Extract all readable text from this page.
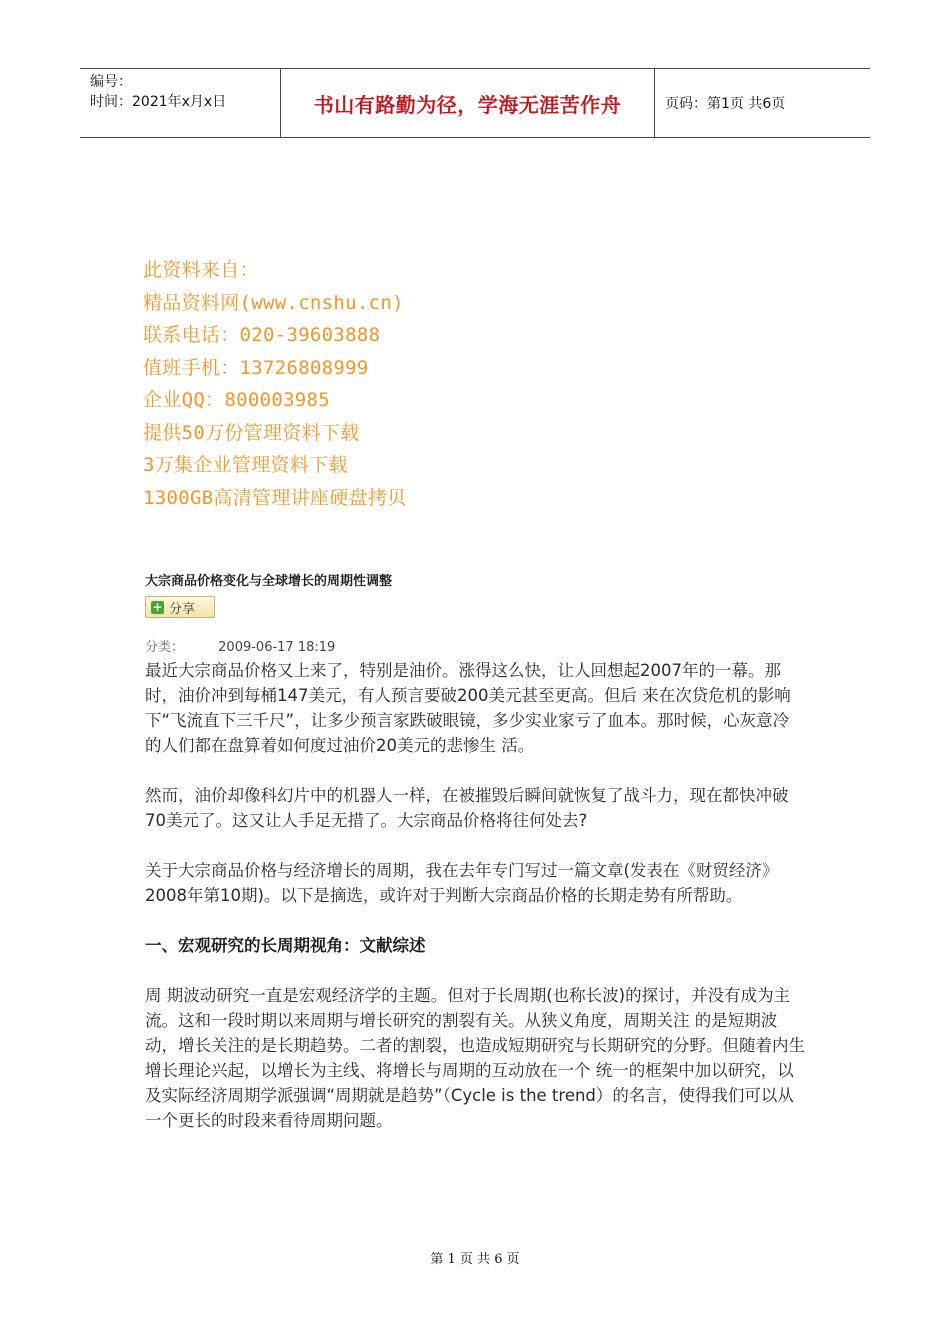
编号：
时间：2021年x月x日	书山有路勤为径，学海无涯苦作舟	页码：第1页 共6页
此资料来自：
精品资料网(www.cnshu.cn)
联系电话：020-39603888
值班手机：13726808999
企业QQ：800003985
提供50万份管理资料下载
3万集企业管理资料下载
1300GB高清管理讲座硬盘拷贝
大宗商品价格变化与全球增长的周期性调整
+ 分享
分类：	2009-06-17 18:19

最近大宗商品价格又上来了，特别是油价。涨得这么快，让人回想起2007年的一幕。那时，油价冲到每桶147美元，有人预言要破200美元甚至更高。但后 来在次贷危机的影响下“飞流直下三千尺”，让多少预言家跌破眼镜，多少实业家亏了血本。那时候，心灰意冷的人们都在盘算着如何度过油价20美元的悲惨生 活。

然而，油价却像科幻片中的机器人一样，在被摧毁后瞬间就恢复了战斗力，现在都快冲破70美元了。这又让人手足无措了。大宗商品价格将往何处去?

关于大宗商品价格与经济增长的周期，我在去年专门写过一篇文章(发表在《财贸经济》2008年第10期)。以下是摘选，或许对于判断大宗商品价格的长期走势有所帮助。

一、宏观研究的长周期视角：文献综述

周 期波动研究一直是宏观经济学的主题。但对于长周期(也称长波)的探讨，并没有成为主流。这和一段时期以来周期与增长研究的割裂有关。从狭义角度，周期关注 的是短期波动，增长关注的是长期趋势。二者的割裂，也造成短期研究与长期研究的分野。但随着内生增长理论兴起，以增长为主线、将增长与周期的互动放在一个 统一的框架中加以研究，以及实际经济周期学派强调“周期就是趋势”（Cycle is the trend）的名言，使得我们可以从一个更长的时段来看待周期问题。

第 1 页 共 6 页
